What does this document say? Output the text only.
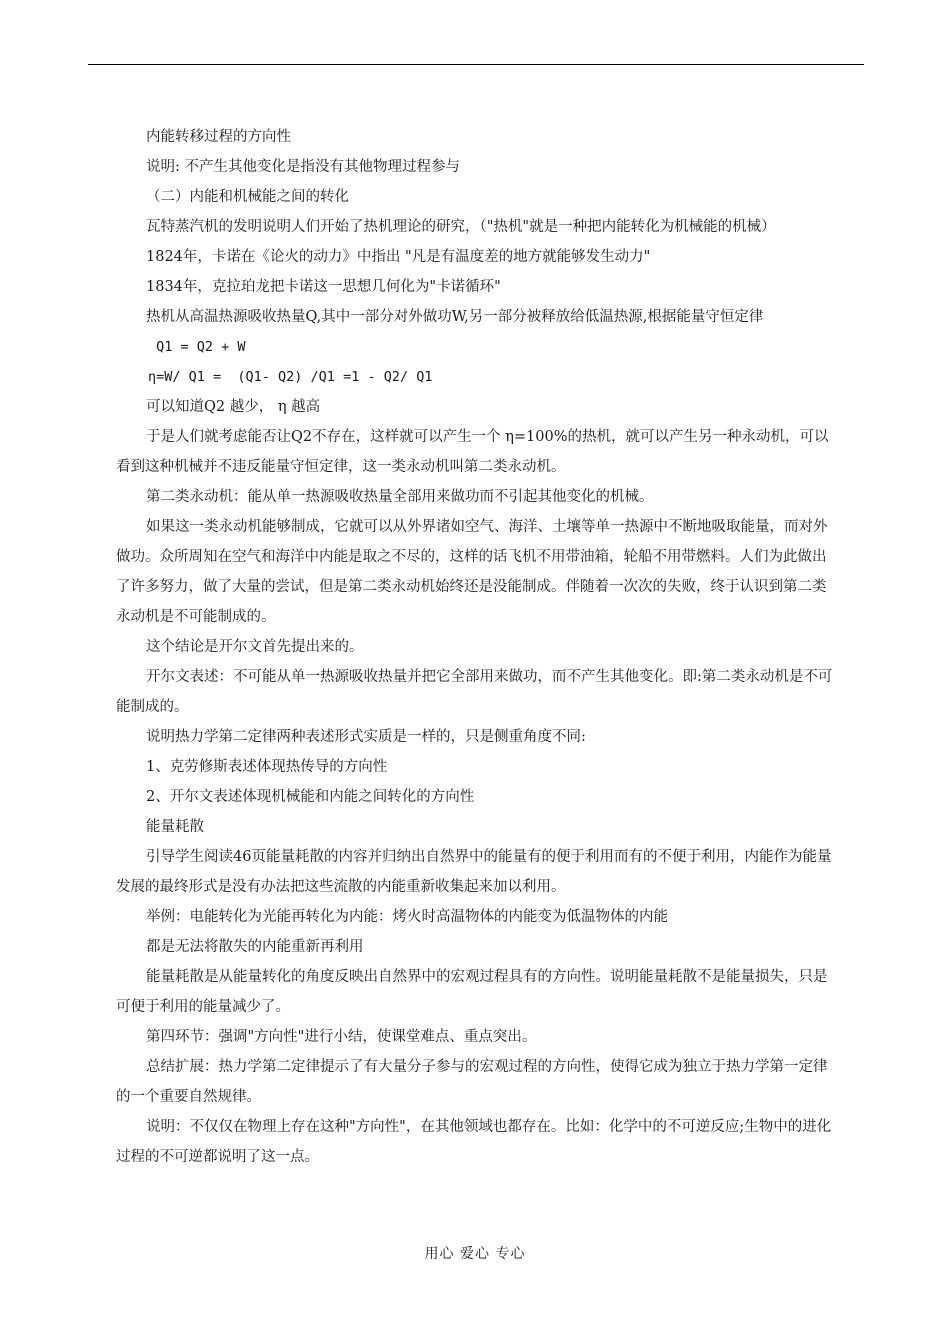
内能转移过程的方向性

说明: 不产生其他变化是指没有其他物理过程参与

（二）内能和机械能之间的转化

瓦特蒸汽机的发明说明人们开始了热机理论的研究，（"热机"就是一种把内能转化为机械能的机械）

1824年，卡诺在《论火的动力》中指出 "凡是有温度差的地方就能够发生动力"

1834年，克拉珀龙把卡诺这一思想几何化为"卡诺循环"

热机从高温热源吸收热量Q,其中一部分对外做功W,另一部分被释放给低温热源,根据能量守恒定律

Q1 = Q2 + W

η=W/ Q1 =  (Q1- Q2) /Q1 =1 - Q2/ Q1

可以知道Q2 越少， η 越高

于是人们就考虑能否让Q2不存在，这样就可以产生一个 η=100%的热机，就可以产生另一种永动机，可以看到这种机械并不违反能量守恒定律，这一类永动机叫第二类永动机。

第二类永动机：能从单一热源吸收热量全部用来做功而不引起其他变化的机械。

如果这一类永动机能够制成，它就可以从外界诸如空气、海洋、土壤等单一热源中不断地吸取能量，而对外做功。众所周知在空气和海洋中内能是取之不尽的，这样的话飞机不用带油箱，轮船不用带燃料。人们为此做出了许多努力，做了大量的尝试，但是第二类永动机始终还是没能制成。伴随着一次次的失败，终于认识到第二类永动机是不可能制成的。

这个结论是开尔文首先提出来的。

开尔文表述：不可能从单一热源吸收热量并把它全部用来做功，而不产生其他变化。即:第二类永动机是不可能制成的。

说明热力学第二定律两种表述形式实质是一样的，只是侧重角度不同:

1、克劳修斯表述体现热传导的方向性

2、开尔文表述体现机械能和内能之间转化的方向性

能量耗散

引导学生阅读46页能量耗散的内容并归纳出自然界中的能量有的便于利用而有的不便于利用，内能作为能量发展的最终形式是没有办法把这些流散的内能重新收集起来加以利用。

举例：电能转化为光能再转化为内能：烤火时高温物体的内能变为低温物体的内能

都是无法将散失的内能重新再利用

能量耗散是从能量转化的角度反映出自然界中的宏观过程具有的方向性。说明能量耗散不是能量损失，只是可便于利用的能量减少了。

第四环节：强调"方向性"进行小结，使课堂难点、重点突出。

总结扩展：热力学第二定律提示了有大量分子参与的宏观过程的方向性，使得它成为独立于热力学第一定律的一个重要自然规律。

说明：不仅仅在物理上存在这种"方向性"，在其他领域也都存在。比如：化学中的不可逆反应;生物中的进化过程的不可逆都说明了这一点。

用心 爱心 专心
